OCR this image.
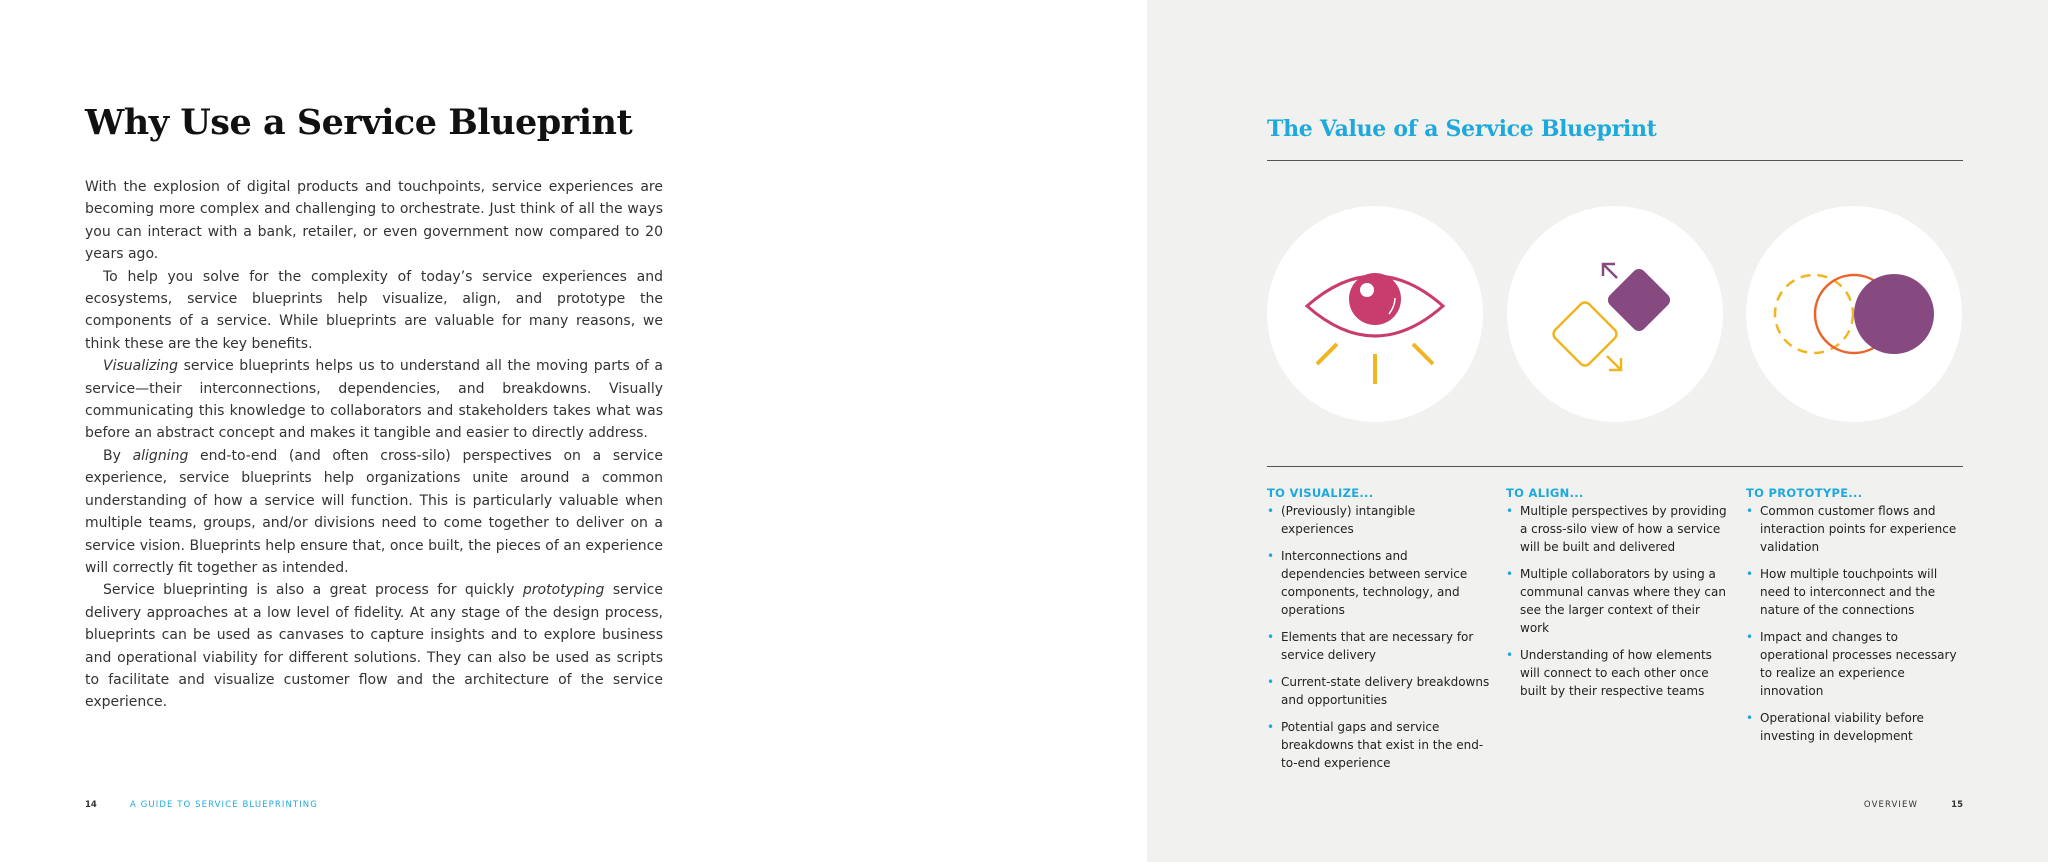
Why Use a Service Blueprint

With the explosion of digital products and touchpoints, service experiences are becoming more complex and challenging to orchestrate. Just think of all the ways you can interact with a bank, retailer, or even government now compared to 20 years ago.

To help you solve for the complexity of today’s service experiences and ecosystems, service blueprints help visualize, align, and prototype the components of a service. While blueprints are valuable for many reasons, we think these are the key benefits.

Visualizing service blueprints helps us to understand all the moving parts of a service—their interconnections, dependencies, and breakdowns. Visually communicating this knowledge to collaborators and stakeholders takes what was before an abstract concept and makes it tangible and easier to directly address.

By aligning end-to-end (and often cross-silo) perspectives on a service experience, service blueprints help organizations unite around a common understanding of how a service will function. This is particularly valuable when multiple teams, groups, and/or divisions need to come together to deliver on a service vision. Blueprints help ensure that, once built, the pieces of an experience will correctly fit together as intended.

Service blueprinting is also a great process for quickly prototyping service delivery approaches at a low level of fidelity. At any stage of the design process, blueprints can be used as canvases to capture insights and to explore business and operational viability for different solutions. They can also be used as scripts to facilitate and visualize customer flow and the architecture of the service experience.

14	A GUIDE TO SERVICE BLUEPRINTING
The Value of a Service Blueprint
TO VISUALIZE...
• (Previously) intangible experiences
• Interconnections and dependencies between service components, technology, and operations
• Elements that are necessary for service delivery
• Current-state delivery breakdowns and opportunities
• Potential gaps and service breakdowns that exist in the end-to-end experience
TO ALIGN...
• Multiple perspectives by providing a cross-silo view of how a service will be built and delivered
• Multiple collaborators by using a communal canvas where they can see the larger context of their work
• Understanding of how elements will connect to each other once built by their respective teams
TO PROTOTYPE...
• Common customer flows and interaction points for experience validation
• How multiple touchpoints will need to interconnect and the nature of the connections
• Impact and changes to operational processes necessary to realize an experience innovation
• Operational viability before investing in development
OVERVIEW	15
